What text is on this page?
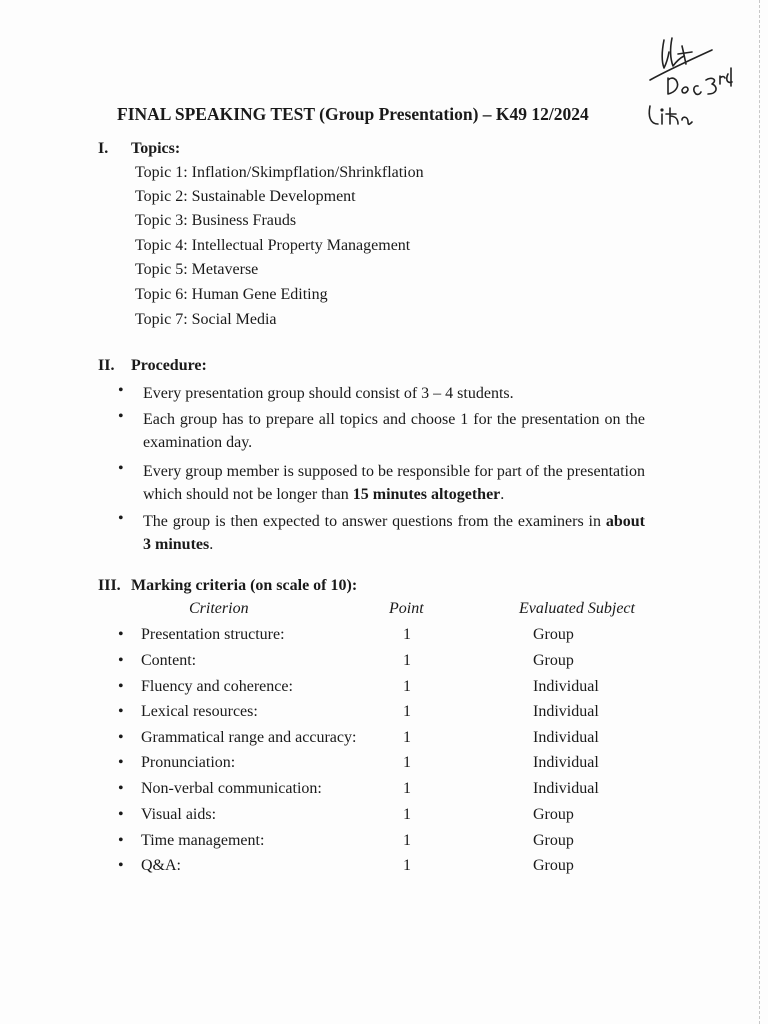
FINAL SPEAKING TEST (Group Presentation) – K49 12/2024
I. Topics:
Topic 1: Inflation/Skimpflation/Shrinkflation
Topic 2: Sustainable Development
Topic 3: Business Frauds
Topic 4: Intellectual Property Management
Topic 5: Metaverse
Topic 6: Human Gene Editing
Topic 7: Social Media
II. Procedure:
• Every presentation group should consist of 3 – 4 students.
• Each group has to prepare all topics and choose 1 for the presentation on the examination day.
• Every group member is supposed to be responsible for part of the presentation which should not be longer than 15 minutes altogether.
• The group is then expected to answer questions from the examiners in about 3 minutes.
III. Marking criteria (on scale of 10):
Criterion	Point	Evaluated Subject
• Presentation structure:	1	Group
• Content:	1	Group
• Fluency and coherence:	1	Individual
• Lexical resources:	1	Individual
• Grammatical range and accuracy:	1	Individual
• Pronunciation:	1	Individual
• Non-verbal communication:	1	Individual
• Visual aids:	1	Group
• Time management:	1	Group
• Q&A:	1	Group
